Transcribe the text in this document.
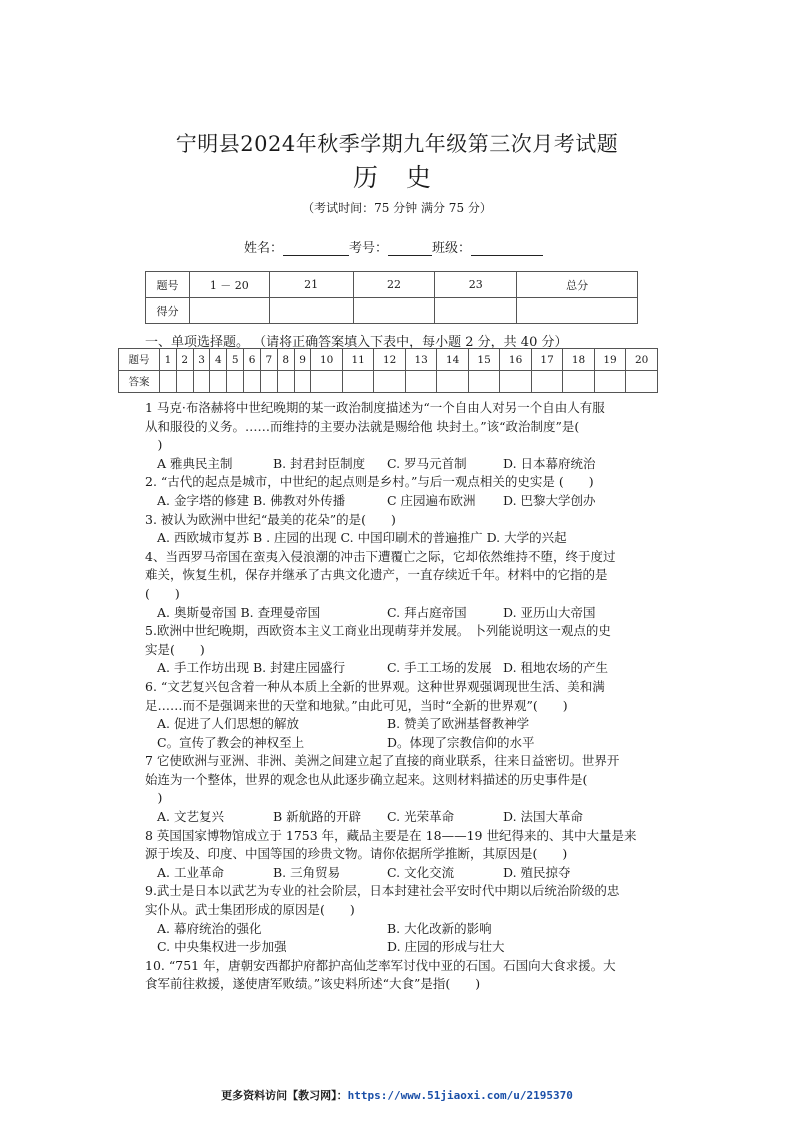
宁明县2024年秋季学期九年级第三次月考试题
历 史
（考试时间：75 分钟 满分 75 分）
姓名：	考号：	班级：
题号	1 － 20	21	22	23	总分
得分					
一、单项选择题。 （请将正确答案填入下表中，每小题 2 分，共 40 分）
题号	1	2	3	4	5	6	7	8	9	10	11	12	13	14	15	16	17	18	19	20
答案																				
1 马克·布洛赫将中世纪晚期的某一政治制度描述为“一个自由人对另一个自由人有服
从和服役的义务。……而维持的主要办法就是赐给他 块封土。”该“政治制度”是(
　)
A 雅典民主制	B. 封君封臣制度 C. 罗马元首制	D. 日本幕府统治
2. “古代的起点是城市，中世纪的起点则是乡村。”与后一观点相关的史实是 (　　)
A. 金字塔的修建 B. 佛教对外传播	C 庄园遍布欧洲 D. 巴黎大学创办
3. 被认为欧洲中世纪“最美的花朵”的是(　　)
A. 西欧城市复苏 B . 庄园的出现 C. 中国印刷术的普遍推广 D. 大学的兴起
4、当西罗马帝国在蛮夷入侵浪潮的冲击下遭覆亡之际，它却依然维持不堕，终于度过
难关，恢复生机，保存并继承了古典文化遗产，一直存续近千年。材料中的它指的是
(　　)
A. 奥斯曼帝国 B. 查理曼帝国	C. 拜占庭帝国	D. 亚历山大帝国
5.欧洲中世纪晚期，西欧资本主义工商业出现萌芽并发展。 卜列能说明这一观点的史
实是(　　)
A. 手工作坊出现 B. 封建庄园盛行	C. 手工工场的发展 D. 租地农场的产生
6. “文艺复兴包含着一种从本质上全新的世界观。这种世界观强调现世生活、美和满
足……而不是强调来世的天堂和地狱。”由此可见，当时“全新的世界观”(　　)
A. 促进了人们思想的解放	B. 赞美了欧洲基督教神学
C。宣传了教会的神权至上	D。体现了宗教信仰的水平
7 它使欧洲与亚洲、非洲、美洲之间建立起了直接的商业联系，往来日益密切。世界开
始连为一个整体，世界的观念也从此逐步确立起来。这则材料描述的历史事件是(
　)
A. 文艺复兴	B 新航路的开辟 C. 光荣革命	D. 法国大革命
8 英国国家博物馆成立于 1753 年，藏品主要是在 18——19 世纪得来的、其中大量是来
源于埃及、印度、中国等国的珍贵文物。请你依据所学推断，其原因是(　　)
A. 工业革命	B. 三角贸易	C. 文化交流	D. 殖民掠夺
9.武士是日本以武艺为专业的社会阶层，日本封建社会平安时代中期以后统治阶级的忠
实仆从。武士集团形成的原因是(　　)
A. 幕府统治的强化	B. 大化改新的影响
C. 中央集权进一步加强	D. 庄园的形成与壮大
10. “751 年，唐朝安西都护府都护高仙芝率军讨伐中亚的石国。石国向大食求援。大
食军前往救援，遂使唐军败绩。”该史料所述“大食”是指(　　)
更多资料访问【教习网】：https://www.51jiaoxi.com/u/2195370
